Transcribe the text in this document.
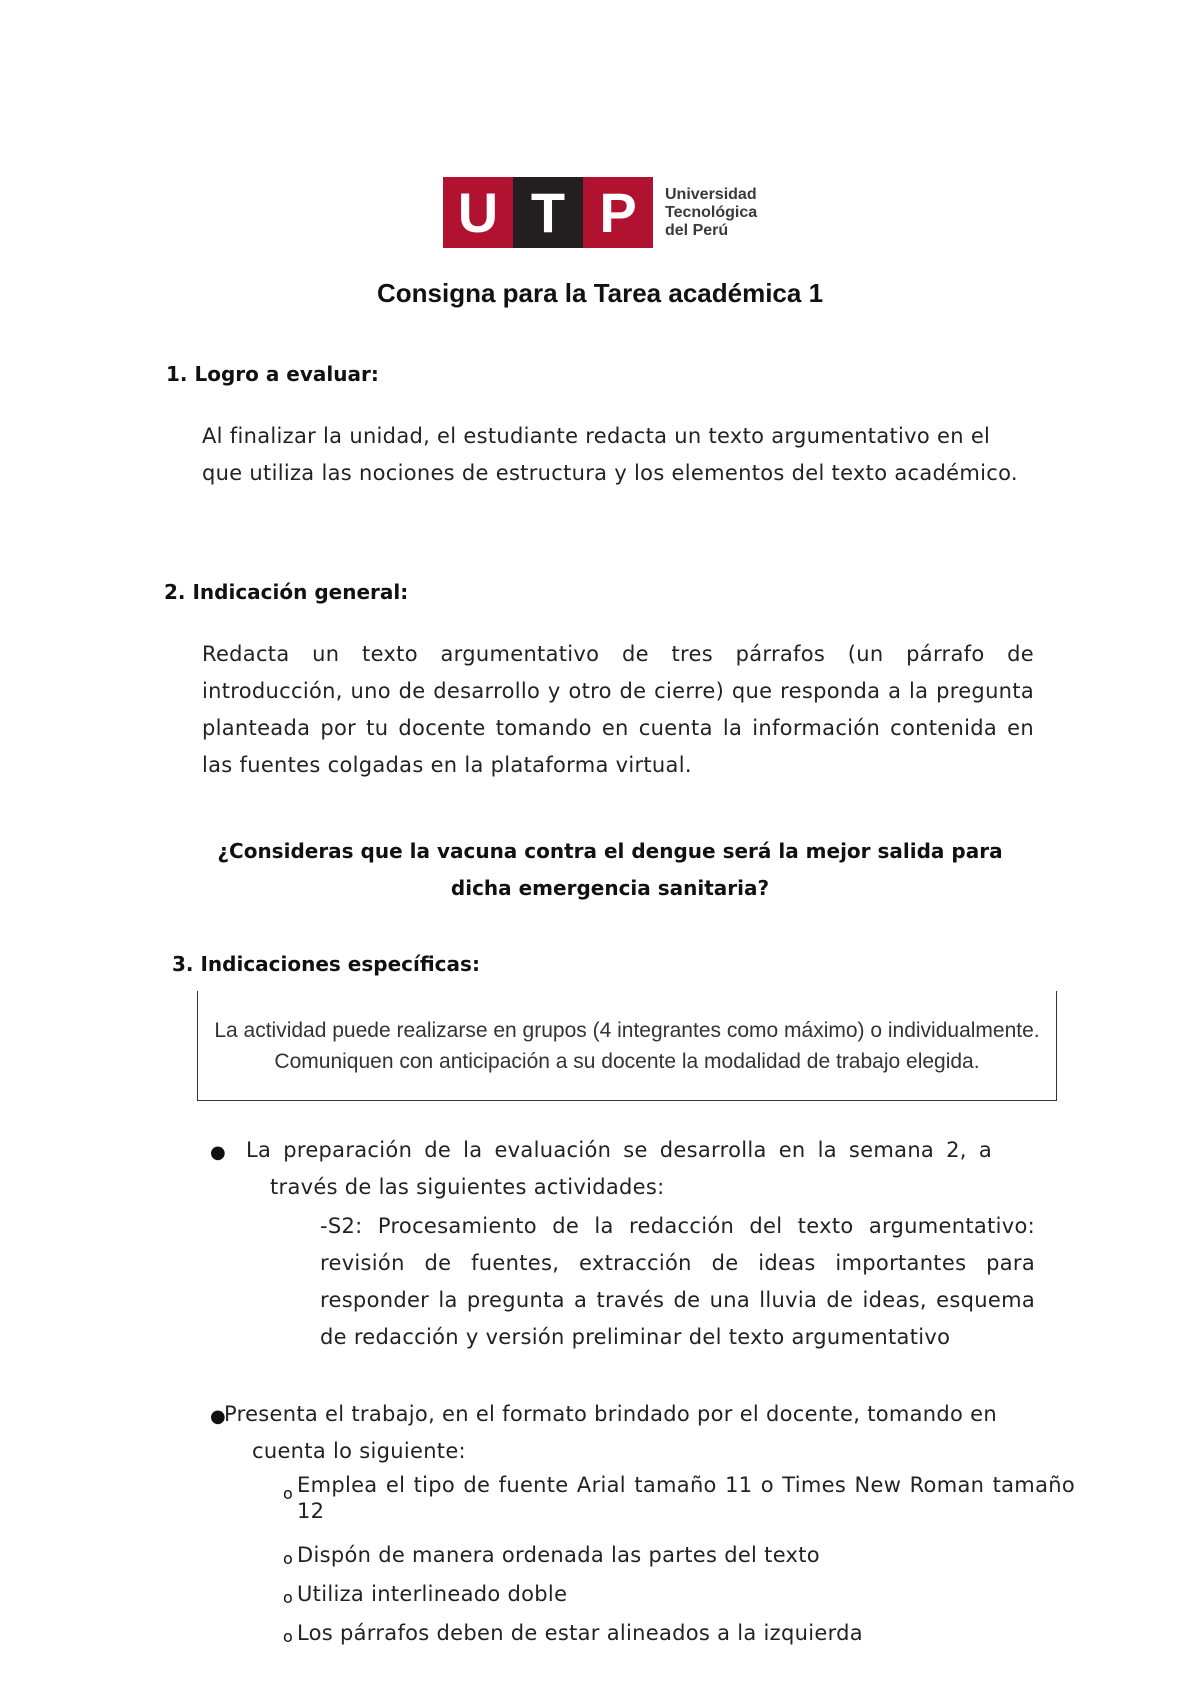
U T P	Universidad
Tecnológica
del Perú
Consigna para la Tarea académica 1
1. Logro a evaluar:
Al finalizar la unidad, el estudiante redacta un texto argumentativo en el que utiliza las nociones de estructura y los elementos del texto académico.
2. Indicación general:
Redacta un texto argumentativo de tres párrafos (un párrafo de introducción, uno de desarrollo y otro de cierre) que responda a la pregunta planteada por tu docente tomando en cuenta la información contenida en las fuentes colgadas en la plataforma virtual.
¿Consideras que la vacuna contra el dengue será la mejor salida para dicha emergencia sanitaria?
3. Indicaciones específicas:
La actividad puede realizarse en grupos (4 integrantes como máximo) o individualmente. Comuniquen con anticipación a su docente la modalidad de trabajo elegida.
● La preparación de la evaluación se desarrolla en la semana 2, a través de las siguientes actividades:
-S2: Procesamiento de la redacción del texto argumentativo: revisión de fuentes, extracción de ideas importantes para responder la pregunta a través de una lluvia de ideas, esquema de redacción y versión preliminar del texto argumentativo
●
Presenta el trabajo, en el formato brindado por el docente, tomando en cuenta lo siguiente:
o Emplea el tipo de fuente Arial tamaño 11 o Times New Roman tamaño 12
o Dispón de manera ordenada las partes del texto
o Utiliza interlineado doble
o Los párrafos deben de estar alineados a la izquierda
